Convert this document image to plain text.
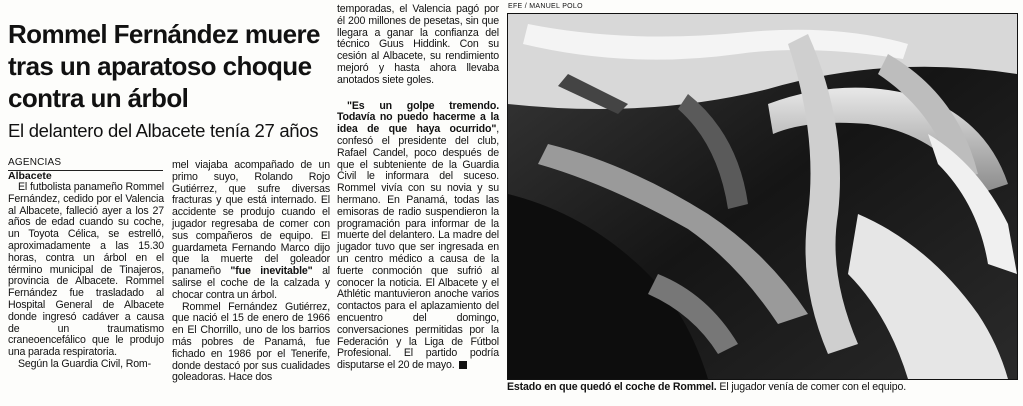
Rommel Fernández muere
tras un aparatoso choque
contra un árbol
El delantero del Albacete tenía 27 años
AGENCIAS
Albacete

El futbolista panameño Rommel Fernández, cedido por el Valencia al Albacete, falleció ayer a los 27 años de edad cuando su coche, un Toyota Célica, se estrelló, aproximadamente a las 15.30 horas, contra un árbol en el término municipal de Tinajeros, provincia de Albacete. Rommel Fernández fue trasladado al Hospital General de Albacete donde ingresó cadáver a causa de un traumatismo craneoencefálico que le produjo una parada respiratoria.

Según la Guardia Civil, Rom-

mel viajaba acompañado de un primo suyo, Rolando Rojo Gutiérrez, que sufre diversas fracturas y que está internado. El accidente se produjo cuando el jugador regresaba de comer con sus compañeros de equipo. El guardameta Fernando Marco dijo que la muerte del goleador panameño "fue inevitable" al salirse el coche de la calzada y chocar contra un árbol.

Rommel Fernández Gutiérrez, que nació el 15 de enero de 1966 en El Chorrillo, uno de los barrios más pobres de Panamá, fue fichado en 1986 por el Tenerife, donde destacó por sus cualidades goleadoras. Hace dos

temporadas, el Valencia pagó por él 200 millones de pesetas, sin que llegara a ganar la confianza del técnico Guus Hiddink. Con su cesión al Albacete, su rendimiento mejoró y hasta ahora llevaba anotados siete goles.

"Es un golpe tremendo. Todavía no puedo hacerme a la idea de que haya ocurrido", confesó el presidente del club, Rafael Candel, poco después de que el subteniente de la Guardia Civil le informara del suceso. Rommel vivía con su novia y su hermano. En Panamá, todas las emisoras de radio suspendieron la programación para informar de la muerte del delantero. La madre del jugador tuvo que ser ingresada en un centro médico a causa de la fuerte conmoción que sufrió al conocer la noticia. El Albacete y el Athlétic mantuvieron anoche varios contactos para el aplazamiento del encuentro del domingo, conversaciones permitidas por la Federación y la Liga de Fútbol Profesional. El partido podría disputarse el 20 de mayo.

EFE / MANUEL POLO
Estado en que quedó el coche de Rommel. El jugador venía de comer con el equipo.
